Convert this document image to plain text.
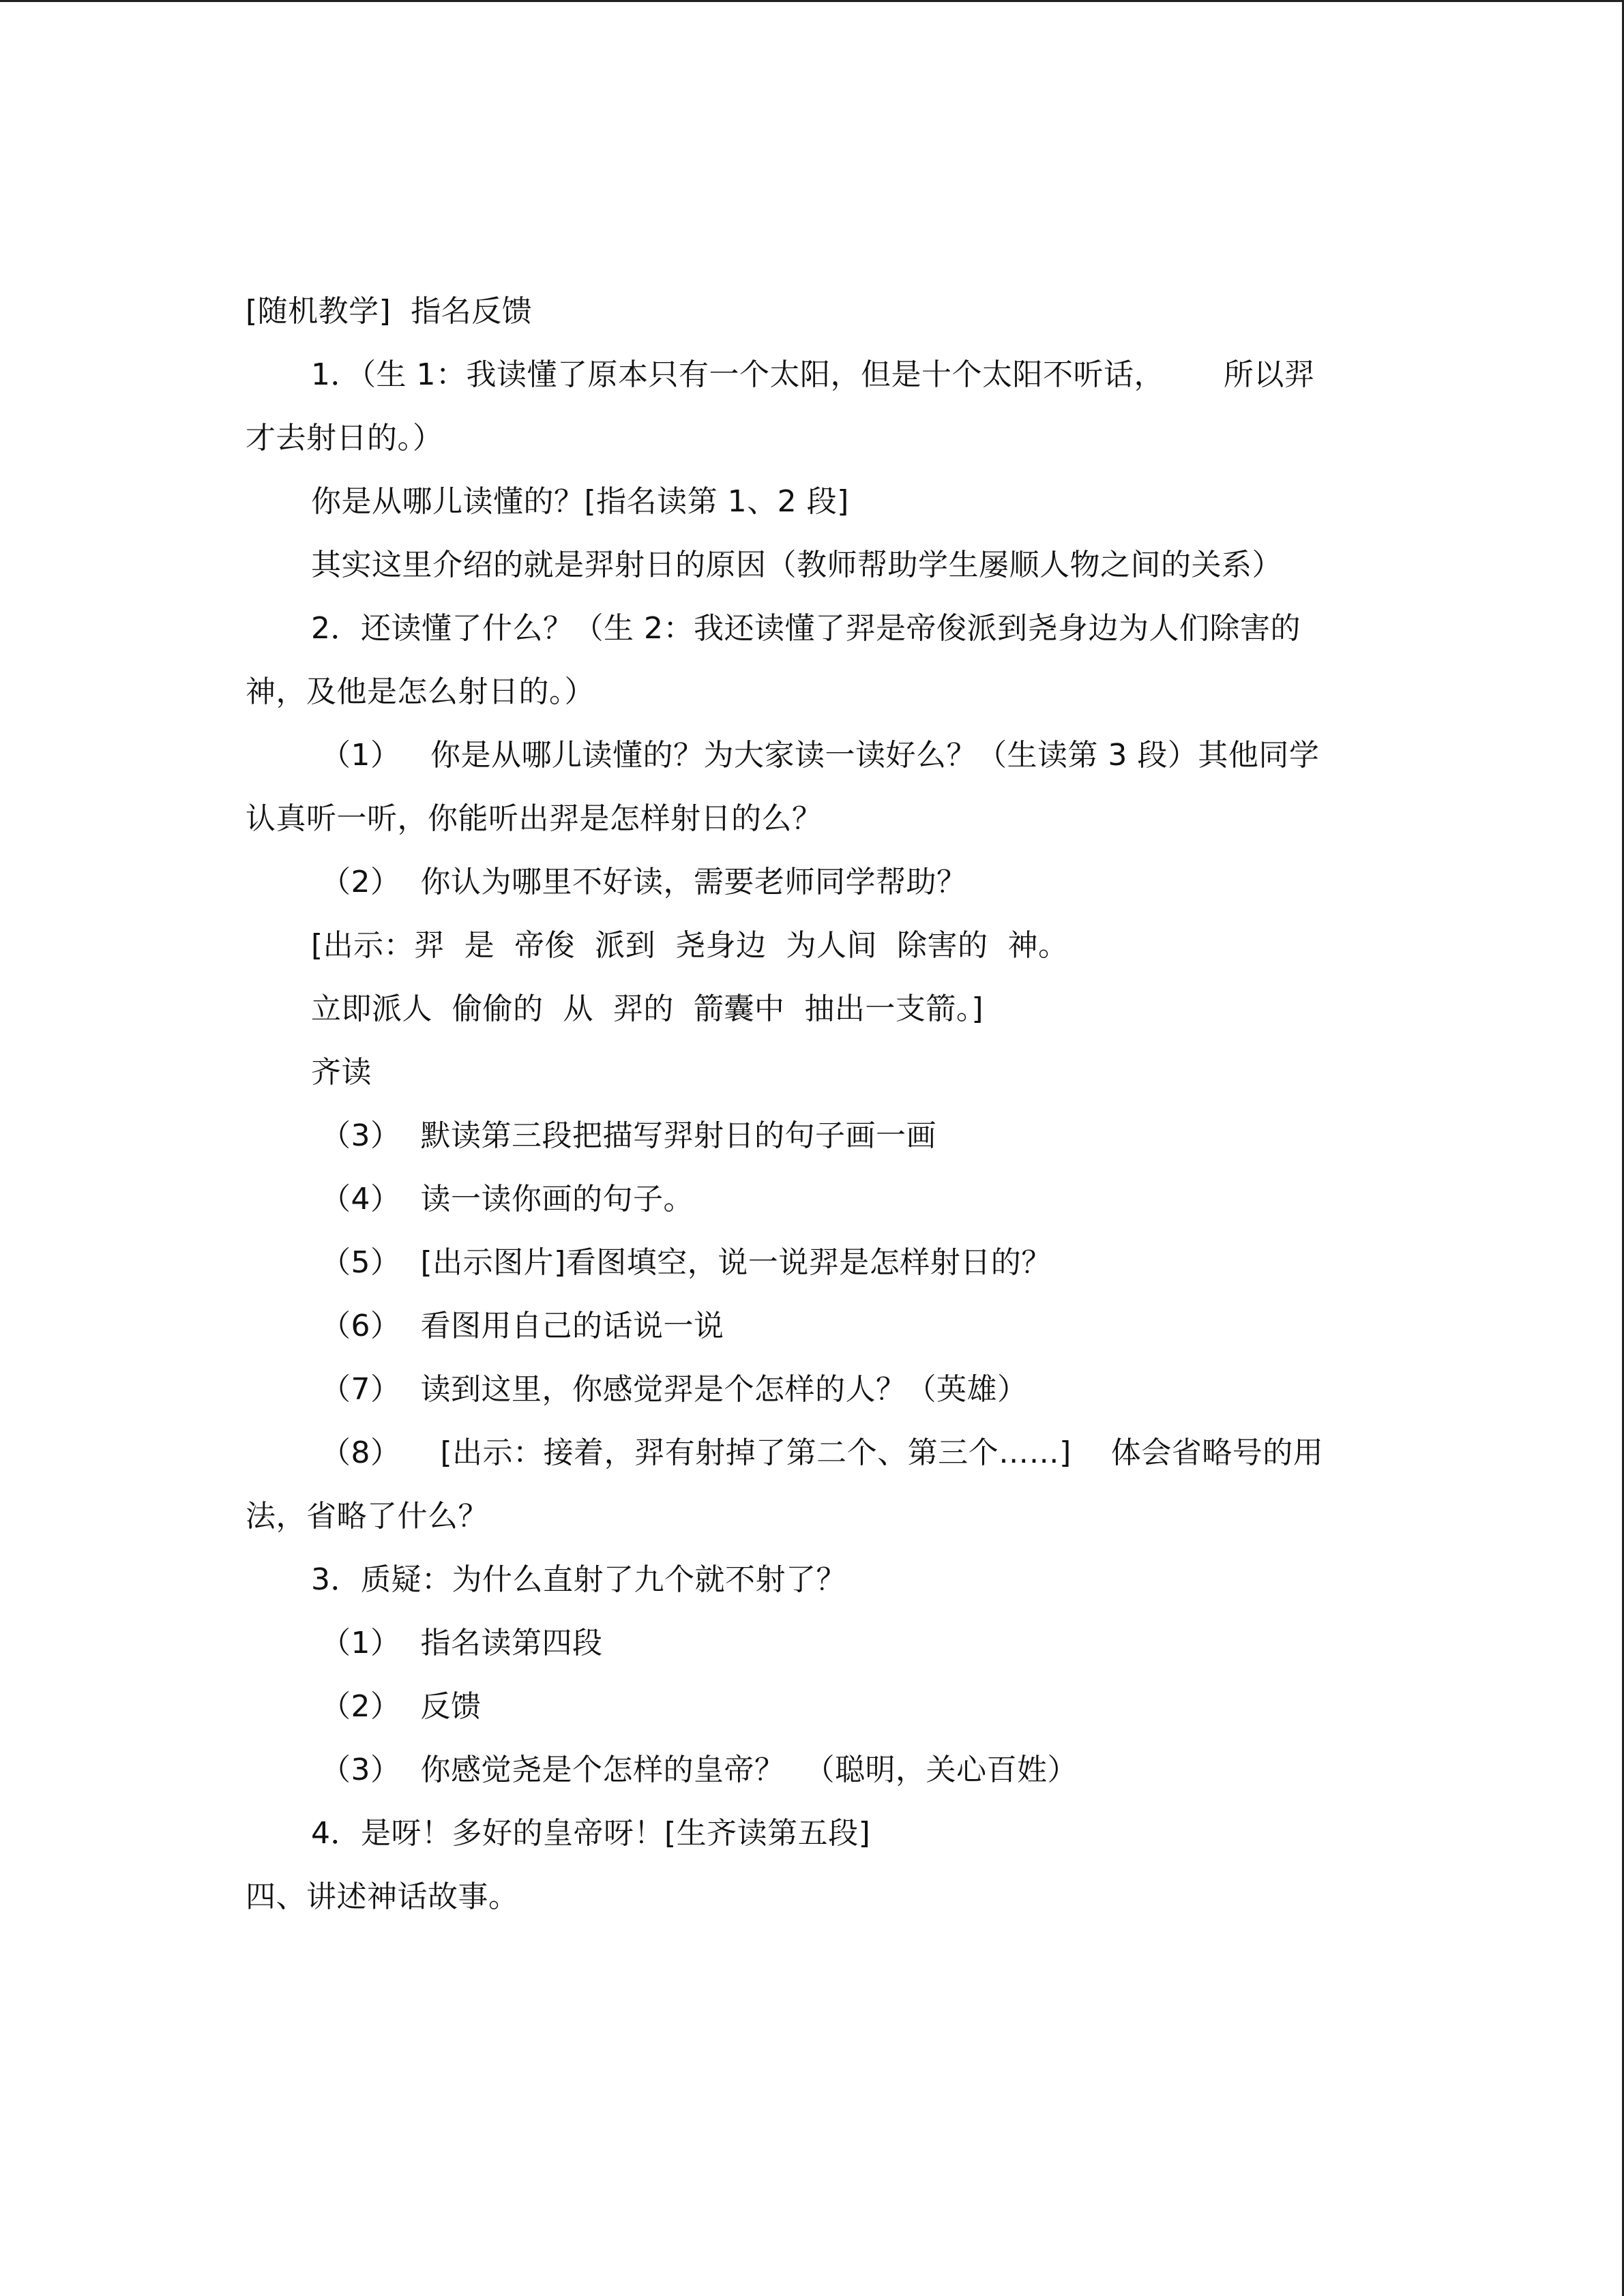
[随机教学]  指名反馈
1．（生 1：我读懂了原本只有一个太阳，但是十个太阳不听话，      所以羿
才去射日的。）
你是从哪儿读懂的？[指名读第 1、2 段]
其实这里介绍的就是羿射日的原因（教师帮助学生屡顺人物之间的关系）
2．还读懂了什么？（生 2：我还读懂了羿是帝俊派到尧身边为人们除害的
神，及他是怎么射日的。）
（1）   你是从哪儿读懂的？为大家读一读好么？（生读第 3 段）其他同学
认真听一听，你能听出羿是怎样射日的么？
（2）  你认为哪里不好读，需要老师同学帮助？
[出示：羿  是  帝俊  派到  尧身边  为人间  除害的  神。
立即派人  偷偷的  从  羿的  箭囊中  抽出一支箭。]
齐读
（3）  默读第三段把描写羿射日的句子画一画
（4）  读一读你画的句子。
（5）  [出示图片]看图填空，说一说羿是怎样射日的？
（6）  看图用自己的话说一说
（7）  读到这里，你感觉羿是个怎样的人？（英雄）
（8）    [出示：接着，羿有射掉了第二个、第三个……]    体会省略号的用
法，省略了什么？
3．质疑：为什么直射了九个就不射了？
（1）  指名读第四段
（2）  反馈
（3）  你感觉尧是个怎样的皇帝？  （聪明，关心百姓）
4．是呀！多好的皇帝呀！[生齐读第五段]
四、讲述神话故事。
